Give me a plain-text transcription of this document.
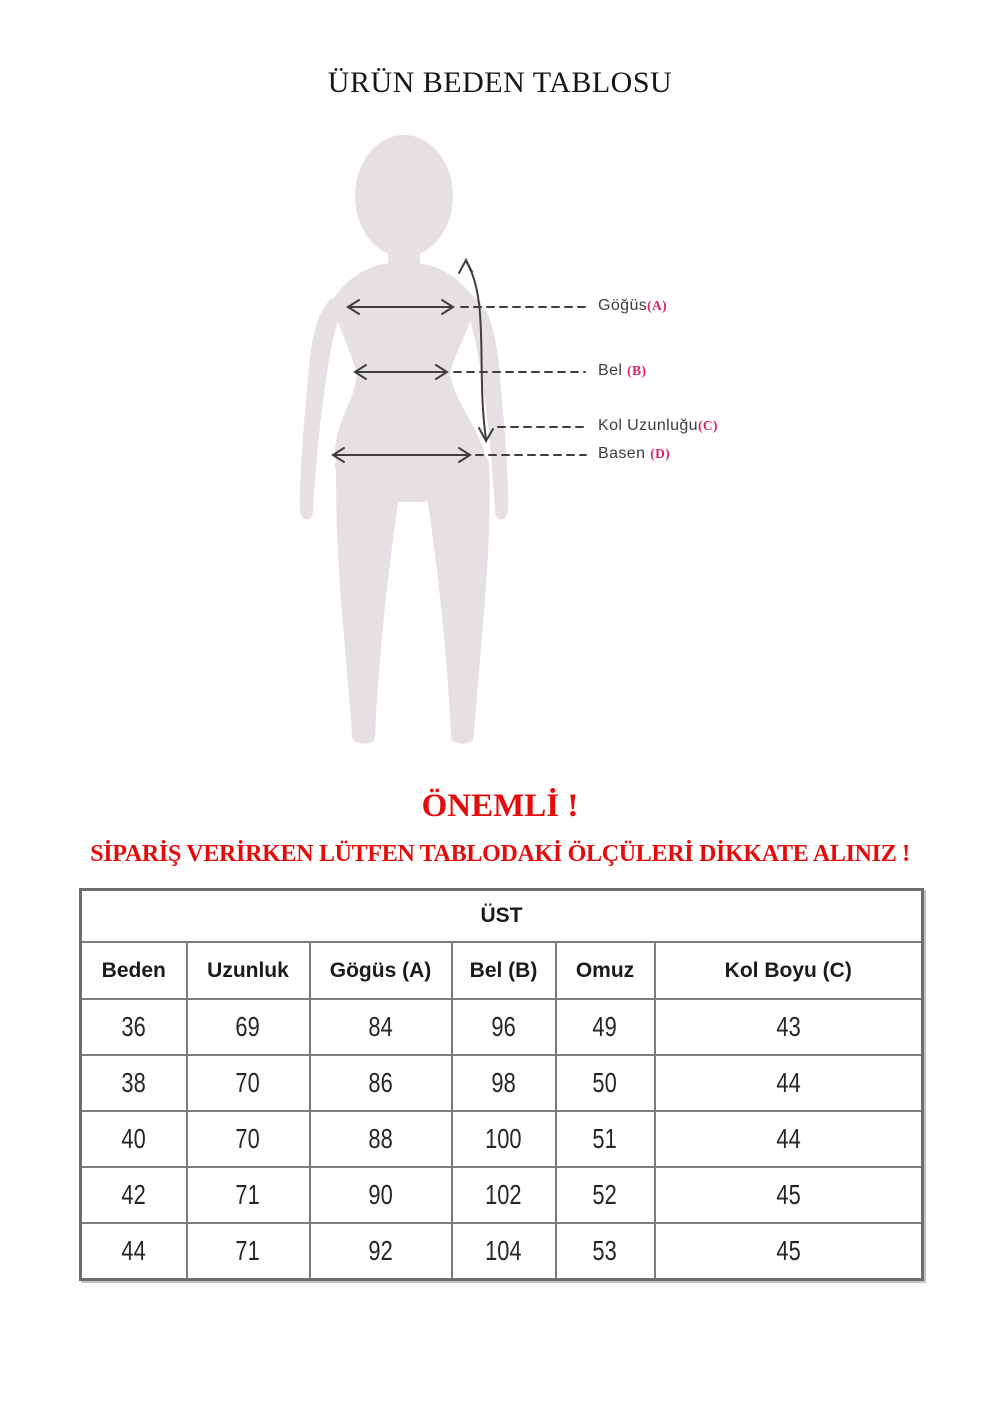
ÜRÜN BEDEN TABLOSU
Göğüs(A)
Bel (B)
Kol Uzunluğu(C)
Basen (D)
ÖNEMLİ !
SİPARİŞ VERİRKEN LÜTFEN TABLODAKİ ÖLÇÜLERİ DİKKATE ALINIZ !
ÜST					
Beden	Uzunluk	Gögüs (A)	Bel (B)	Omuz	Kol Boyu (C)
36	69	84	96	49	43
38	70	86	98	50	44
40	70	88	100	51	44
42	71	90	102	52	45
44	71	92	104	53	45
